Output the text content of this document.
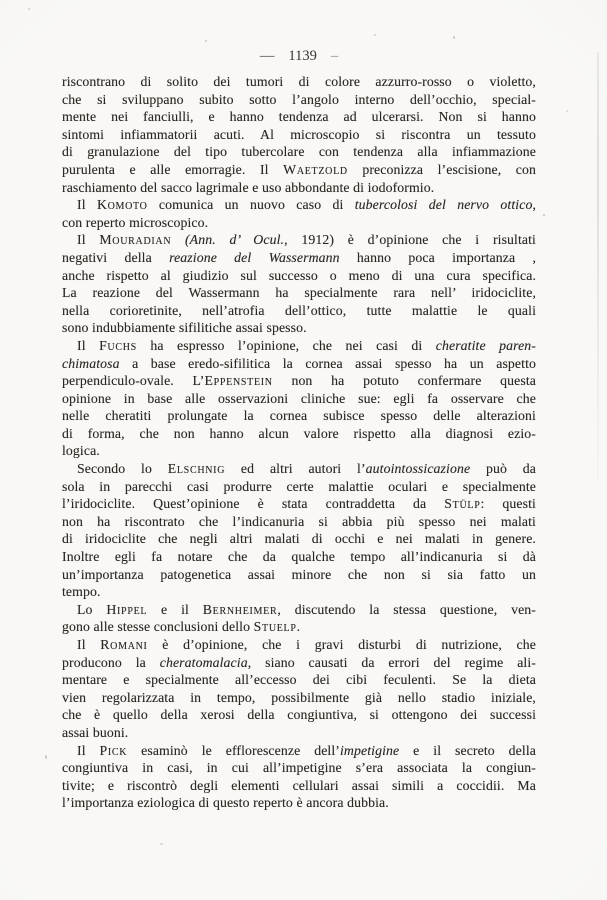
— 1139 –
riscontrano di solito dei tumori di colore azzurro-rosso o violetto,
che si sviluppano subito sotto l’angolo interno dell’occhio, special-
mente nei fanciulli, e hanno tendenza ad ulcerarsi. Non si hanno
sintomi infiammatorii acuti. Al microscopio si riscontra un tessuto
di granulazione del tipo tubercolare con tendenza alla infiammazione
purulenta e alle emorragie. Il Waetzold preconizza l’escisione, con
raschiamento del sacco lagrimale e uso abbondante di iodoformio.
Il Komoto comunica un nuovo caso di tubercolosi del nervo ottico,
con reperto microscopico.
Il Mouradian (Ann. d’ Ocul., 1912) è d’opinione che i risultati
negativi della reazione del Wassermann hanno poca importanza ,
anche rispetto al giudizio sul successo o meno di una cura specifica.
La reazione del Wassermann ha specialmente rara nell’ iridociclite,
nella corioretinite, nell’atrofia dell’ottico, tutte malattie le quali
sono indubbiamente sifilitiche assai spesso.
Il Fuchs ha espresso l’opinione, che nei casi di cheratite paren-
chimatosa a base eredo-sifilitica la cornea assai spesso ha un aspetto
perpendiculo-ovale. L’Eppenstein non ha potuto confermare questa
opinione in base alle osservazioni cliniche sue: egli fa osservare che
nelle cheratiti prolungate la cornea subisce spesso delle alterazioni
di forma, che non hanno alcun valore rispetto alla diagnosi ezio-
logica.
Secondo lo Elschnig ed altri autori l’autointossicazione può da
sola in parecchi casi produrre certe malattie oculari e specialmente
l’iridociclite. Quest’opinione è stata contraddetta da Stülp: questi
non ha riscontrato che l’indicanuria si abbia più spesso nei malati
di iridociclite che negli altri malati di occhi e nei malati in genere.
Inoltre egli fa notare che da qualche tempo all’indicanuria si dà
un’importanza patogenetica assai minore che non si sia fatto un
tempo.
Lo Hippel e il Bernheimer, discutendo la stessa questione, ven-
gono alle stesse conclusioni dello Stuelp.
Il Romani è d’opinione, che i gravi disturbi di nutrizione, che
producono la cheratomalacia, siano causati da errori del regime ali-
mentare e specialmente all’eccesso dei cibi feculenti. Se la dieta
vien regolarizzata in tempo, possibilmente già nello stadio iniziale,
che è quello della xerosi della congiuntiva, si ottengono dei successi
assai buoni.
Il Pick esaminò le efflorescenze dell’impetigine e il secreto della
congiuntiva in casi, in cui all’impetigine s’era associata la congiun-
tivite; e riscontrò degli elementi cellulari assai simili a coccidii. Ma
l’importanza eziologica di questo reperto è ancora dubbia.
